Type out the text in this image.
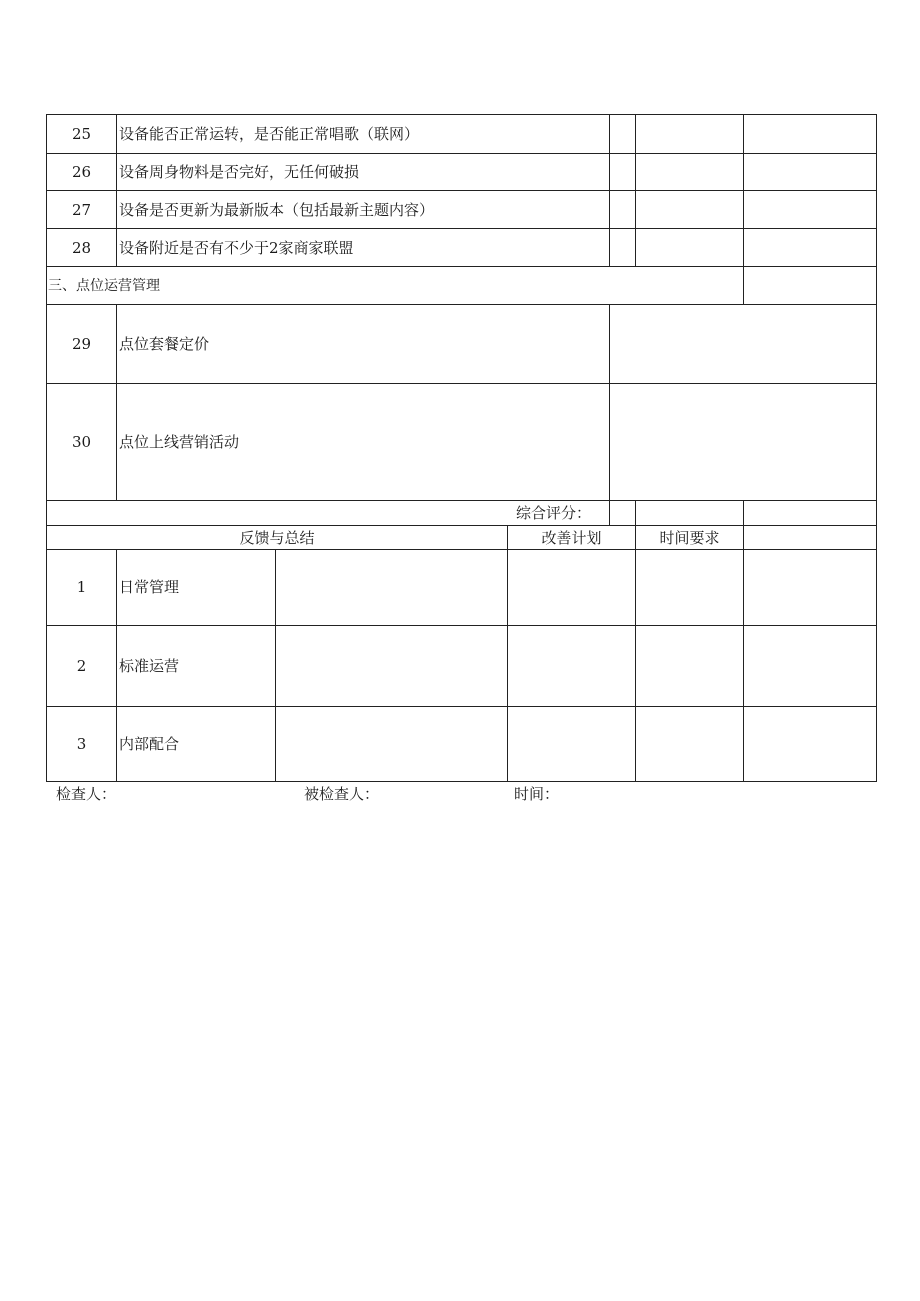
25	设备能否正常运转，是否能正常唱歌（联网）
26	设备周身物料是否完好，无任何破损
27	设备是否更新为最新版本（包括最新主题内容）
28	设备附近是否有不少于2家商家联盟
三、点位运营管理
29	点位套餐定价
30	点位上线营销活动
综合评分：
反馈与总结	改善计划	时间要求
1	日常管理
2	标准运营
3	内部配合
检查人：	被检查人：	时间：
